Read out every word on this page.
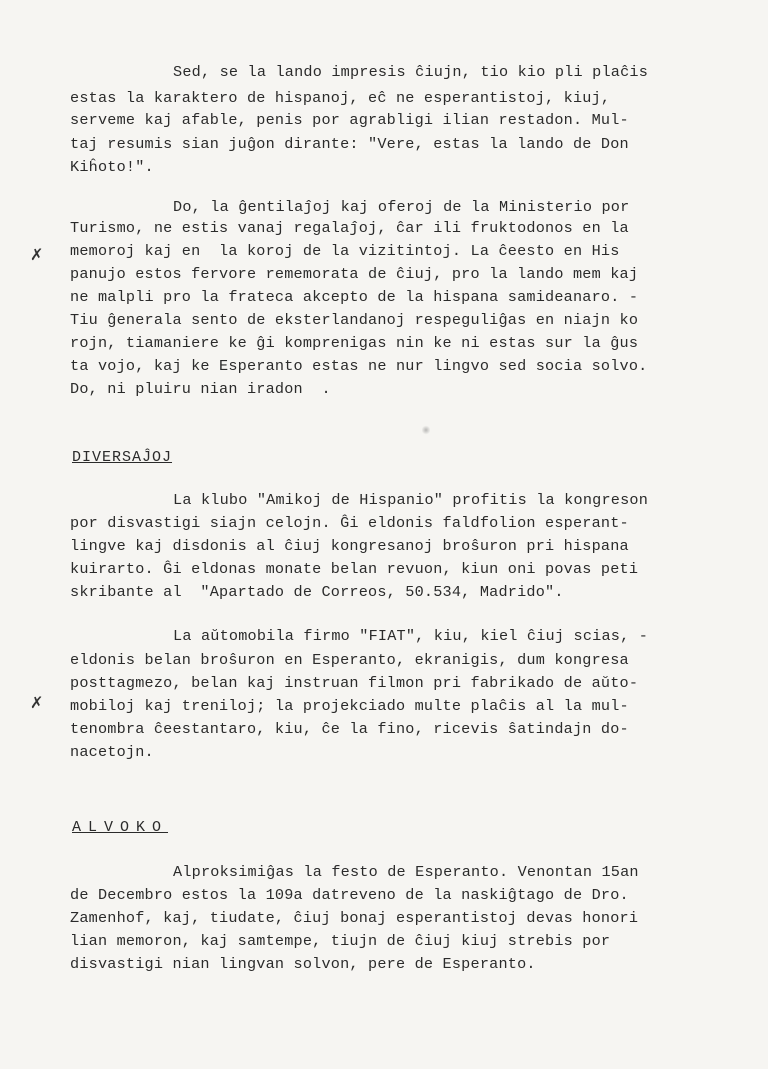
Sed, se la lando impresis ĉiujn, tio kio pli plaĉis
estas la karaktero de hispanoj, eĉ ne esperantistoj, kiuj,
serveme kaj afable, penis por agrabligi ilian restadon. Mul-
taj resumis sian juĝon dirante: "Vere, estas la lando de Don
Kiĥoto!".
Do, la ĝentilaĵoj kaj oferoj de la Ministerio por
Turismo, ne estis vanaj regalaĵoj, ĉar ili fruktodonos en la
memoroj kaj en  la koroj de la vizitintoj. La ĉeesto en His
panujo estos fervore rememorata de ĉiuj, pro la lando mem kaj
ne malpli pro la frateca akcepto de la hispana samideanaro. -
Tiu ĝenerala sento de eksterlandanoj respeguliĝas en niajn ko
rojn, tiamaniere ke ĝi komprenigas nin ke ni estas sur la ĝus
ta vojo, kaj ke Esperanto estas ne nur lingvo sed socia solvo.
Do, ni pluiru nian iradon  .
✗
DIVERSAĴOJ
La klubo "Amikoj de Hispanio" profitis la kongreson
por disvastigi siajn celojn. Ĝi eldonis faldfolion esperant-
lingve kaj disdonis al ĉiuj kongresanoj broŝuron pri hispana
kuirarto. Ĝi eldonas monate belan revuon, kiun oni povas peti
skribante al  "Apartado de Correos, 50.534, Madrido".
La aŭtomobila firmo "FIAT", kiu, kiel ĉiuj scias, -
eldonis belan broŝuron en Esperanto, ekranigis, dum kongresa
posttagmezo, belan kaj instruan filmon pri fabrikado de aŭto-
mobiloj kaj treniloj; la projekciado multe plaĉis al la mul-
tenombra ĉeestantaro, kiu, ĉe la fino, ricevis ŝatindajn do-
nacetojn.
✗
ALVOKO
Alproksimiĝas la festo de Esperanto. Venontan 15an
de Decembro estos la 109a datreveno de la naskiĝtago de Dro.
Zamenhof, kaj, tiudate, ĉiuj bonaj esperantistoj devas honori
lian memoron, kaj samtempe, tiujn de ĉiuj kiuj strebis por
disvastigi nian lingvan solvon, pere de Esperanto.
